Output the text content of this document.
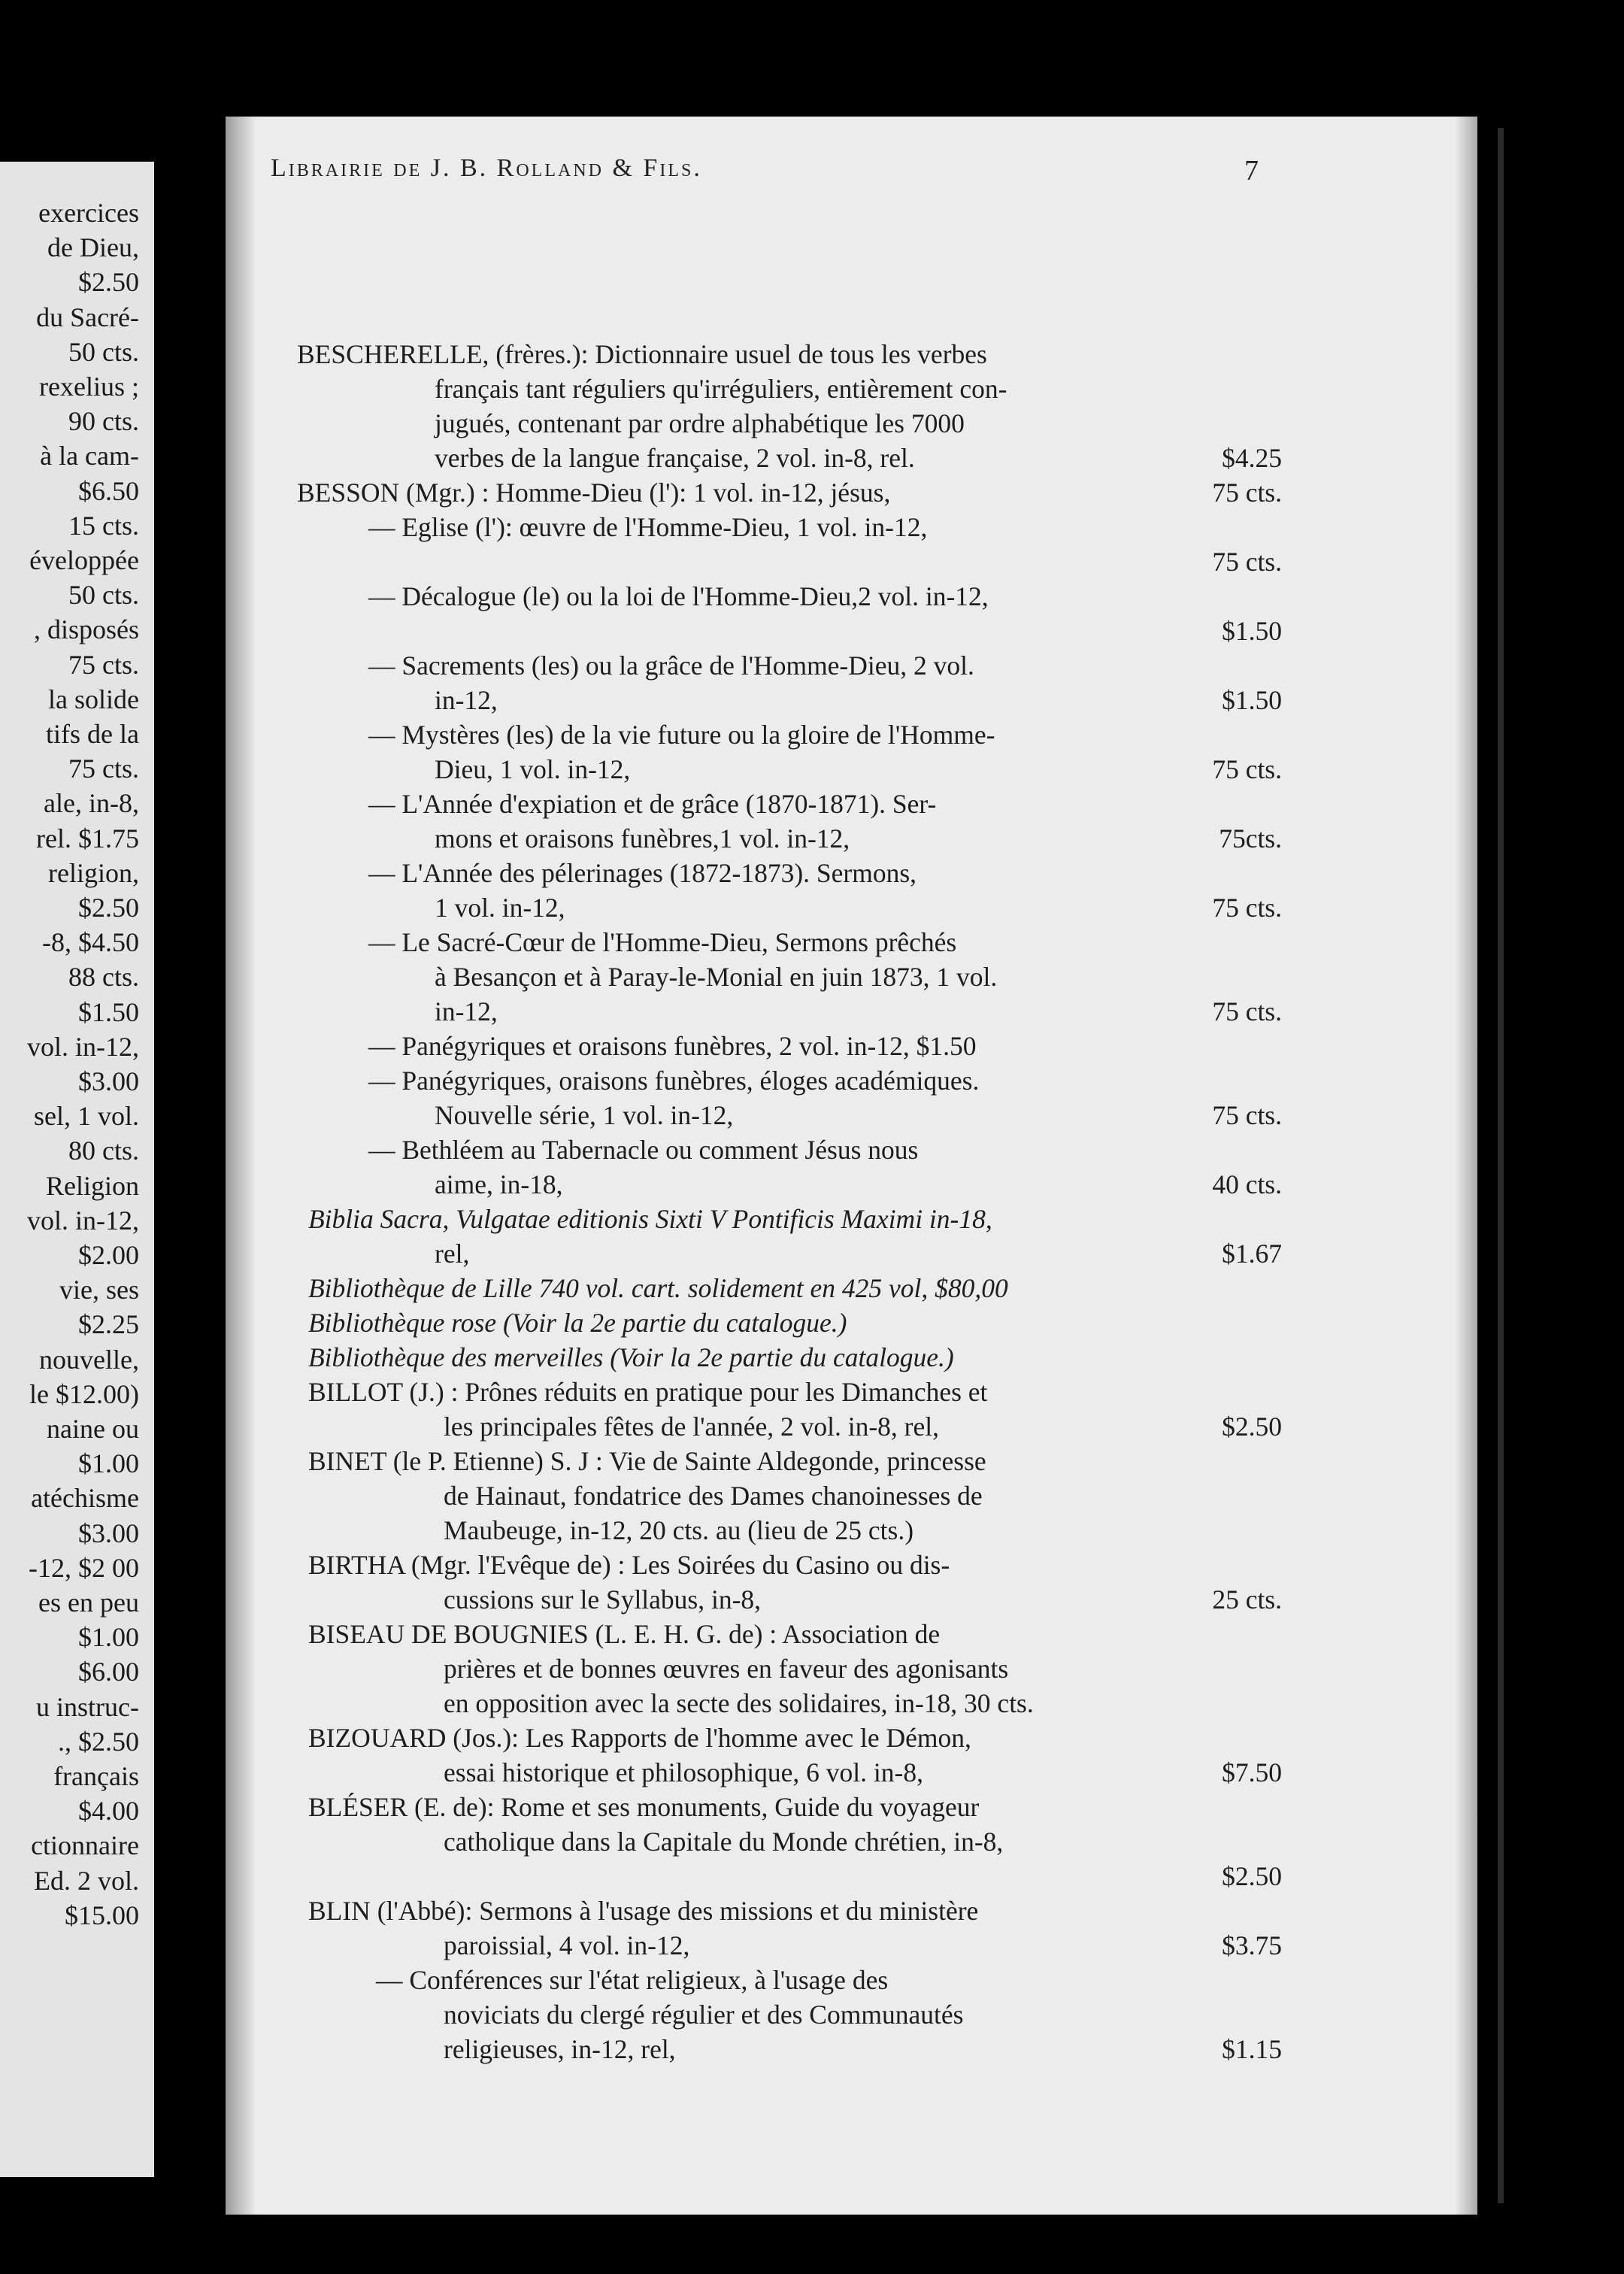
exercices

de Dieu,

$2.50

du Sacré-

50 cts.

rexelius ;

90 cts.

à la cam-

$6.50

15 cts.

éveloppée

50 cts.

, disposés

75 cts.

la solide

tifs de la

75 cts.

ale, in-8,

rel. $1.75

religion,

$2.50

-8, $4.50

88 cts.

$1.50

vol. in-12,

$3.00

sel, 1 vol.

80 cts.

Religion

vol. in-12,

$2.00

vie, ses

$2.25

nouvelle,

le $12.00)

naine ou

$1.00

atéchisme

$3.00

-12, $2 00

es en peu

$1.00

$6.00

u instruc-

., $2.50

français

$4.00

ctionnaire

Ed. 2 vol.

$15.00

Librairie de J. B. Rolland & Fils.	7

BESCHERELLE, (frères.): Dictionnaire usuel de tous les verbes

français tant réguliers qu'irréguliers, entièrement con-

jugués, contenant par ordre alphabétique les 7000

verbes de la langue française, 2 vol. in-8, rel.	$4.25

BESSON (Mgr.) : Homme-Dieu (l'): 1 vol. in-12, jésus,	75 cts.

— Eglise (l'): œuvre de l'Homme-Dieu, 1 vol. in-12,

75 cts.

— Décalogue (le) ou la loi de l'Homme-Dieu,2 vol. in-12,

$1.50

— Sacrements (les) ou la grâce de l'Homme-Dieu, 2 vol.

in-12,	$1.50

— Mystères (les) de la vie future ou la gloire de l'Homme-

Dieu, 1 vol. in-12,	75 cts.

— L'Année d'expiation et de grâce (1870-1871). Ser-

mons et oraisons funèbres,1 vol. in-12,	75cts.

— L'Année des pélerinages (1872-1873). Sermons,

1 vol. in-12,	75 cts.

— Le Sacré-Cœur de l'Homme-Dieu, Sermons prêchés

à Besançon et à Paray-le-Monial en juin 1873, 1 vol.

in-12,	75 cts.

— Panégyriques et oraisons funèbres, 2 vol. in-12, $1.50

— Panégyriques, oraisons funèbres, éloges académiques.

Nouvelle série, 1 vol. in-12,	75 cts.

— Bethléem au Tabernacle ou comment Jésus nous

aime, in-18,	40 cts.

Biblia Sacra, Vulgatae editionis Sixti V Pontificis Maximi in-18,

rel,	$1.67

Bibliothèque de Lille 740 vol. cart. solidement en 425 vol, $80,00

Bibliothèque rose (Voir la 2e partie du catalogue.)

Bibliothèque des merveilles (Voir la 2e partie du catalogue.)

BILLOT (J.) : Prônes réduits en pratique pour les Dimanches et

les principales fêtes de l'année, 2 vol. in-8, rel,	$2.50

BINET (le P. Etienne) S. J : Vie de Sainte Aldegonde, princesse

de Hainaut, fondatrice des Dames chanoinesses de

Maubeuge, in-12, 20 cts. au (lieu de 25 cts.)

BIRTHA (Mgr. l'Evêque de) : Les Soirées du Casino ou dis-

cussions sur le Syllabus, in-8,	25 cts.

BISEAU DE BOUGNIES (L. E. H. G. de) : Association de

prières et de bonnes œuvres en faveur des agonisants

en opposition avec la secte des solidaires, in-18, 30 cts.

BIZOUARD (Jos.): Les Rapports de l'homme avec le Démon,

essai historique et philosophique, 6 vol. in-8,	$7.50

BLÉSER (E. de): Rome et ses monuments, Guide du voyageur

catholique dans la Capitale du Monde chrétien, in-8,

$2.50

BLIN (l'Abbé): Sermons à l'usage des missions et du ministère

paroissial, 4 vol. in-12,	$3.75

— Conférences sur l'état religieux, à l'usage des

noviciats du clergé régulier et des Communautés

religieuses, in-12, rel,	$1.15
